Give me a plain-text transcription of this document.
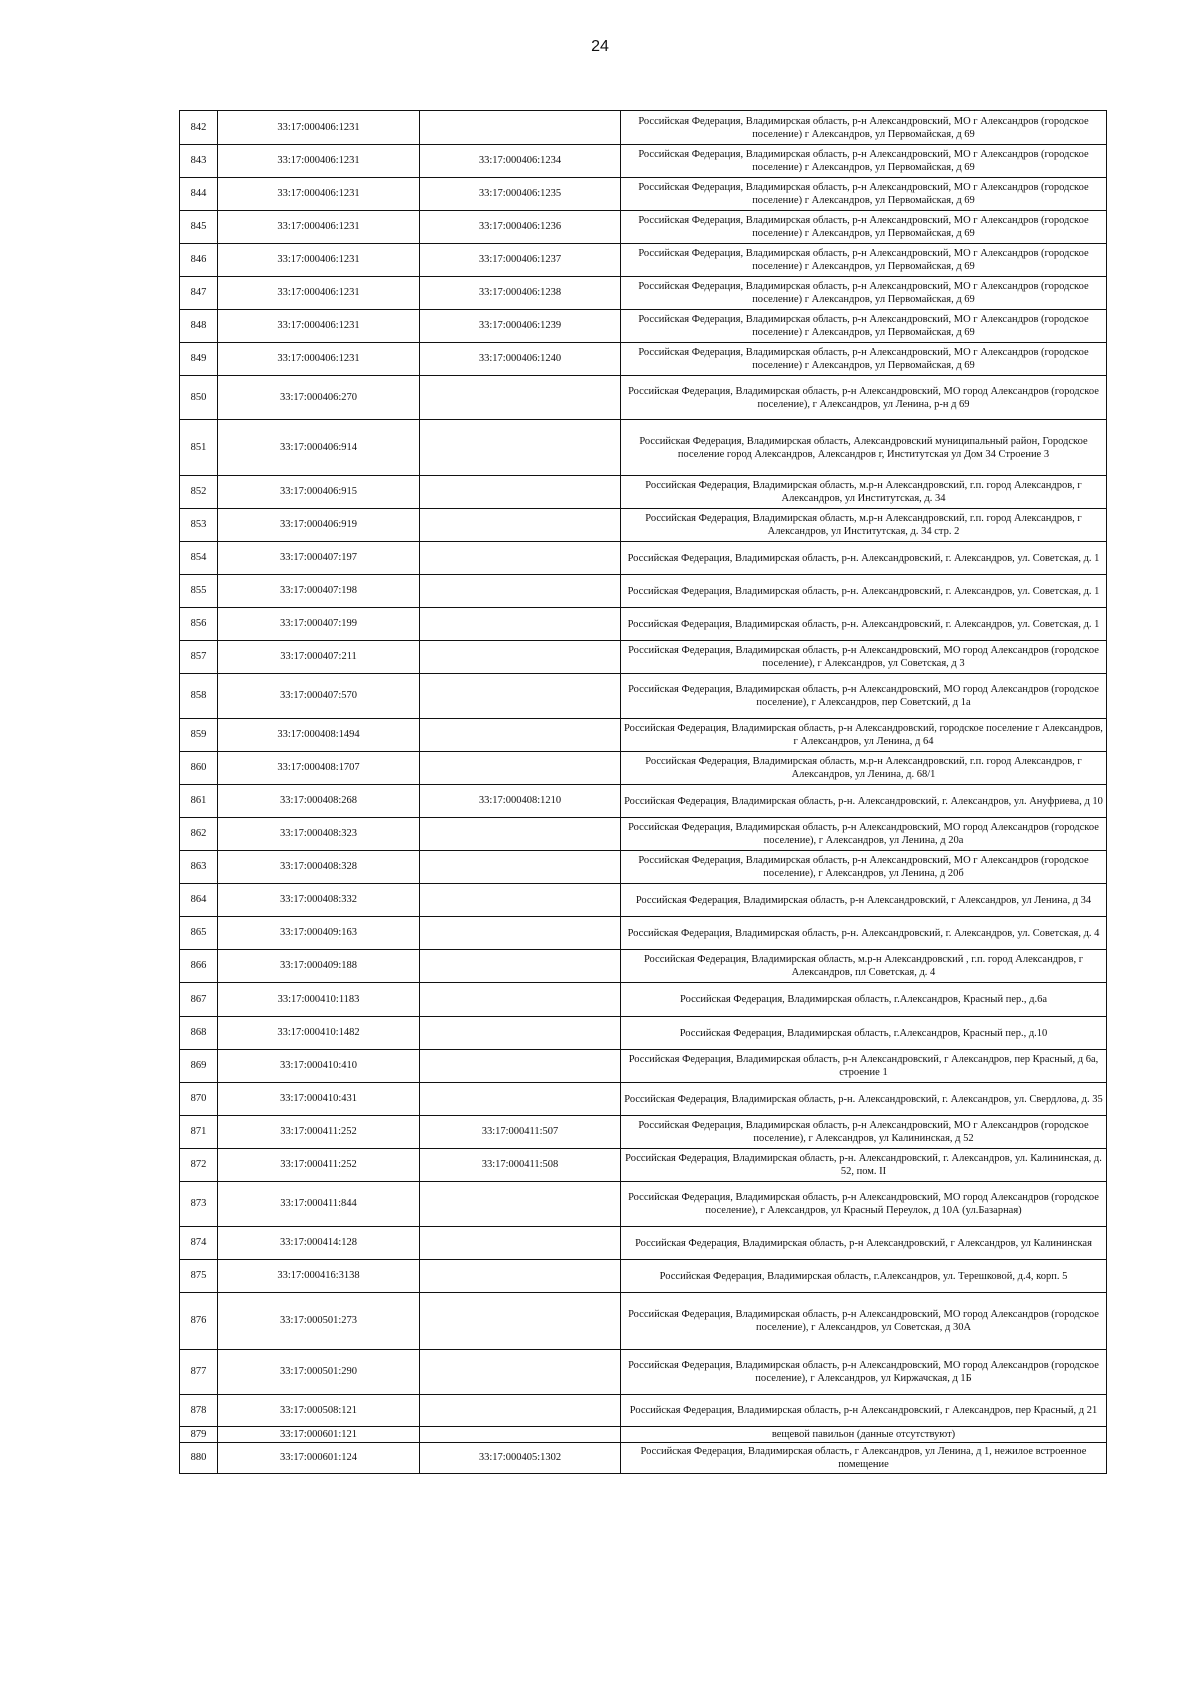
24
842	33:17:000406:1231		Российская Федерация, Владимирская область, р-н Александровский, МО г Александров (городское поселение) г Александров, ул Первомайская, д 69
843	33:17:000406:1231	33:17:000406:1234	Российская Федерация, Владимирская область, р-н Александровский, МО г Александров (городское поселение) г Александров, ул Первомайская, д 69
844	33:17:000406:1231	33:17:000406:1235	Российская Федерация, Владимирская область, р-н Александровский, МО г Александров (городское поселение) г Александров, ул Первомайская, д 69
845	33:17:000406:1231	33:17:000406:1236	Российская Федерация, Владимирская область, р-н Александровский, МО г Александров (городское поселение) г Александров, ул Первомайская, д 69
846	33:17:000406:1231	33:17:000406:1237	Российская Федерация, Владимирская область, р-н Александровский, МО г Александров (городское поселение) г Александров, ул Первомайская, д 69
847	33:17:000406:1231	33:17:000406:1238	Российская Федерация, Владимирская область, р-н Александровский, МО г Александров (городское поселение) г Александров, ул Первомайская, д 69
848	33:17:000406:1231	33:17:000406:1239	Российская Федерация, Владимирская область, р-н Александровский, МО г Александров (городское поселение) г Александров, ул Первомайская, д 69
849	33:17:000406:1231	33:17:000406:1240	Российская Федерация, Владимирская область, р-н Александровский, МО г Александров (городское поселение) г Александров, ул Первомайская, д 69
850	33:17:000406:270		Российская Федерация, Владимирская область, р-н Александровский, МО город Александров (городское поселение), г Александров, ул Ленина, р-н д 69
851	33:17:000406:914		Российская Федерация, Владимирская область, Александровский муниципальный район, Городское поселение город Александров, Александров г, Институтская ул Дом 34 Строение 3
852	33:17:000406:915		Российская Федерация, Владимирская область, м.р-н Александровский, г.п. город Александров, г Александров, ул Институтская, д. 34
853	33:17:000406:919		Российская Федерация, Владимирская область, м.р-н Александровский, г.п. город Александров, г Александров, ул Институтская, д. 34 стр. 2
854	33:17:000407:197		Российская Федерация, Владимирская область, р-н. Александровский, г. Александров, ул. Советская, д. 1
855	33:17:000407:198		Российская Федерация, Владимирская область, р-н. Александровский, г. Александров, ул. Советская, д. 1
856	33:17:000407:199		Российская Федерация, Владимирская область, р-н. Александровский, г. Александров, ул. Советская, д. 1
857	33:17:000407:211		Российская Федерация, Владимирская область, р-н Александровский, МО город Александров (городское поселение), г Александров, ул Советская, д 3
858	33:17:000407:570		Российская Федерация, Владимирская область, р-н Александровский, МО город Александров (городское поселение), г Александров, пер Советский, д 1а
859	33:17:000408:1494		Российская Федерация, Владимирская область, р-н Александровский, городское поселение г Александров, г Александров, ул Ленина, д 64
860	33:17:000408:1707		Российская Федерация, Владимирская область, м.р-н Александровский, г.п. город Александров, г Александров, ул Ленина, д. 68/1
861	33:17:000408:268	33:17:000408:1210	Российская Федерация, Владимирская область, р-н. Александровский, г. Александров, ул. Ануфриева, д 10
862	33:17:000408:323		Российская Федерация, Владимирская область, р-н Александровский, МО город Александров (городское поселение), г Александров, ул Ленина, д 20а
863	33:17:000408:328		Российская Федерация, Владимирская область, р-н Александровский, МО г Александров (городское поселение), г Александров, ул Ленина, д 20б
864	33:17:000408:332		Российская Федерация, Владимирская область, р-н Александровский, г Александров, ул Ленина, д 34
865	33:17:000409:163		Российская Федерация, Владимирская область, р-н. Александровский, г. Александров, ул. Советская, д. 4
866	33:17:000409:188		Российская Федерация, Владимирская область, м.р-н Александровский , г.п. город Александров, г Александров, пл Советская, д. 4
867	33:17:000410:1183		Российская Федерация, Владимирская область, г.Александров, Красный пер., д.6а
868	33:17:000410:1482		Российская Федерация, Владимирская область, г.Александров, Красный пер., д.10
869	33:17:000410:410		Российская Федерация, Владимирская область, р-н Александровский, г Александров, пер Красный, д 6а, строение 1
870	33:17:000410:431		Российская Федерация, Владимирская область, р-н. Александровский, г. Александров, ул. Свердлова, д. 35
871	33:17:000411:252	33:17:000411:507	Российская Федерация, Владимирская область, р-н Александровский, МО г Александров (городское поселение), г Александров, ул Калининская, д 52
872	33:17:000411:252	33:17:000411:508	Российская Федерация, Владимирская область, р-н. Александровский, г. Александров, ул. Калининская, д. 52, пом. II
873	33:17:000411:844		Российская Федерация, Владимирская область, р-н Александровский, МО город Александров (городское поселение), г Александров, ул Красный Переулок, д 10А (ул.Базарная)
874	33:17:000414:128		Российская Федерация, Владимирская область, р-н Александровский, г Александров, ул Калининская
875	33:17:000416:3138		Российская Федерация, Владимирская область, г.Александров, ул. Терешковой, д.4, корп. 5
876	33:17:000501:273		Российская Федерация, Владимирская область, р-н Александровский, МО город Александров (городское поселение), г Александров, ул Советская, д 30А
877	33:17:000501:290		Российская Федерация, Владимирская область, р-н Александровский, МО город Александров (городское поселение), г Александров, ул Киржачская, д 1Б
878	33:17:000508:121		Российская Федерация, Владимирская область, р-н Александровский, г Александров, пер Красный, д 21
879	33:17:000601:121		вещевой павильон (данные отсутствуют)
880	33:17:000601:124	33:17:000405:1302	Российская Федерация, Владимирская область, г Александров, ул Ленина, д 1, нежилое встроенное помещение
